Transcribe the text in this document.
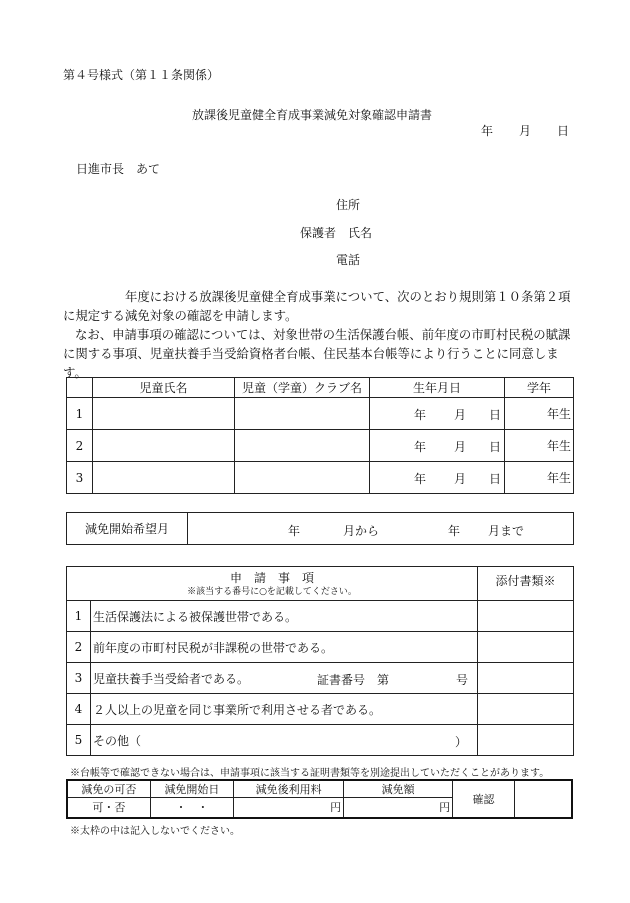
第４号様式（第１１条関係）
放課後児童健全育成事業減免対象確認申請書
年 月 日
日進市長　あて
住所
保護者　氏名
電話

年度における放課後児童健全育成事業について、次のとおり規則第１０条第２項

に規定する減免対象の確認を申請します。

なお、申請事項の確認については、対象世帯の生活保護台帳、前年度の市町村民税の賦課

に関する事項、児童扶養手当受給資格者台帳、住民基本台帳等により行うことに同意します。

	児童氏名	児童（学童）クラブ名	生年月日	学年
1			年 月 日	年生
2			年 月 日	年生
3			年 月 日	年生
減免開始希望月	年	月から	年 月まで
申　請　事　項
※該当する番号に○を記載してください。		添付書類※
1	生活保護法による被保護世帯である。	
2	前年度の市町村民税が非課税の世帯である。	
3	児童扶養手当受給者である。 証書番号　第 号	

4	２人以上の児童を同じ事業所で利用させる者である。	
5	その他（ ）	

※台帳等で確認できない場合は、申請事項に該当する証明書類等を別途提出していただくことがあります。
減免の可否	減免開始日	減免後利用料	減免額	確認	
可・否	・　・	円	円		
※太枠の中は記入しないでください。
